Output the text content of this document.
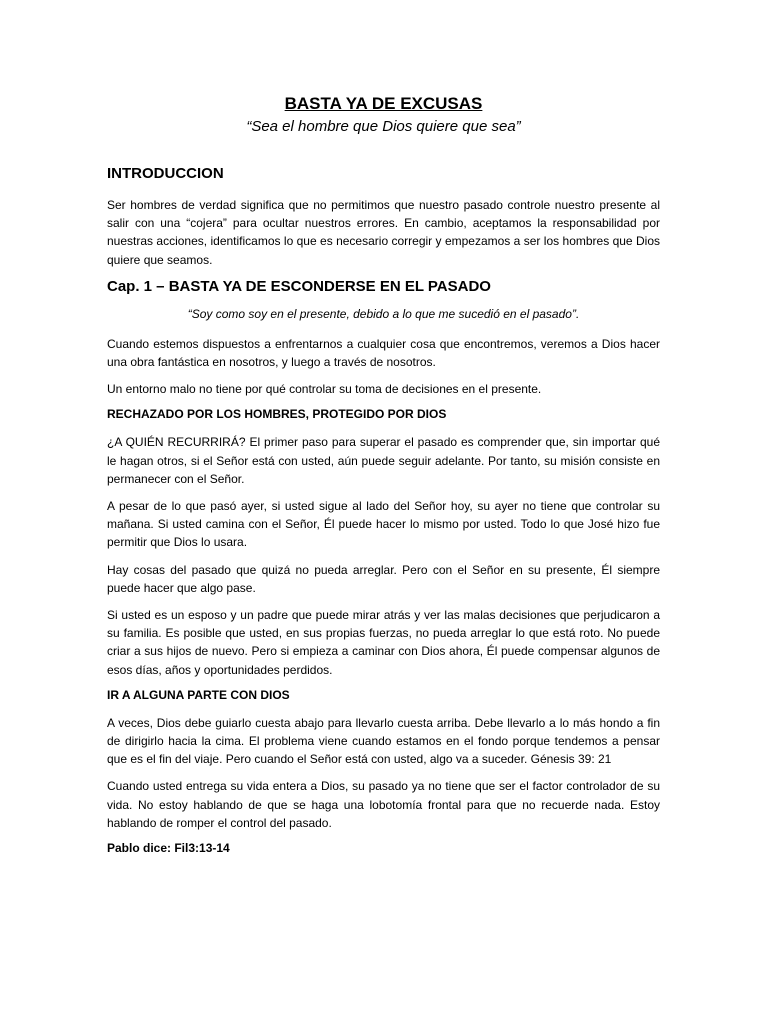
BASTA YA DE EXCUSAS
“Sea el hombre que Dios quiere que sea”
INTRODUCCION

Ser hombres de verdad significa que no permitimos que nuestro pasado controle nuestro presente al salir con una “cojera” para ocultar nuestros errores. En cambio, aceptamos la responsabilidad por nuestras acciones, identificamos lo que es necesario corregir y empezamos a ser los hombres que Dios quiere que seamos.

Cap. 1 – BASTA YA DE ESCONDERSE EN EL PASADO
“Soy como soy en el presente, debido a lo que me sucedió en el pasado”.

Cuando estemos dispuestos a enfrentarnos a cualquier cosa que encontremos, veremos a Dios hacer una obra fantástica en nosotros, y luego a través de nosotros.

Un entorno malo no tiene por qué controlar su toma de decisiones en el presente.

RECHAZADO POR LOS HOMBRES, PROTEGIDO POR DIOS

¿A QUIÉN RECURRIRÁ? El primer paso para superar el pasado es comprender que, sin importar qué le hagan otros, si el Señor está con usted, aún puede seguir adelante. Por tanto, su misión consiste en permanecer con el Señor.

A pesar de lo que pasó ayer, si usted sigue al lado del Señor hoy, su ayer no tiene que controlar su mañana. Si usted camina con el Señor, Él puede hacer lo mismo por usted. Todo lo que José hizo fue permitir que Dios lo usara.

Hay cosas del pasado que quizá no pueda arreglar. Pero con el Señor en su presente, Él siempre puede hacer que algo pase.

Si usted es un esposo y un padre que puede mirar atrás y ver las malas decisiones que perjudicaron a su familia. Es posible que usted, en sus propias fuerzas, no pueda arreglar lo que está roto. No puede criar a sus hijos de nuevo. Pero si empieza a caminar con Dios ahora, Él puede compensar algunos de esos días, años y oportunidades perdidos.

IR A ALGUNA PARTE CON DIOS

A veces, Dios debe guiarlo cuesta abajo para llevarlo cuesta arriba. Debe llevarlo a lo más hondo a fin de dirigirlo hacia la cima. El problema viene cuando estamos en el fondo porque tendemos a pensar que es el fin del viaje. Pero cuando el Señor está con usted, algo va a suceder. Génesis 39: 21

Cuando usted entrega su vida entera a Dios, su pasado ya no tiene que ser el factor controlador de su vida. No estoy hablando de que se haga una lobotomía frontal para que no recuerde nada. Estoy hablando de romper el control del pasado.

Pablo dice: Fil3:13-14
